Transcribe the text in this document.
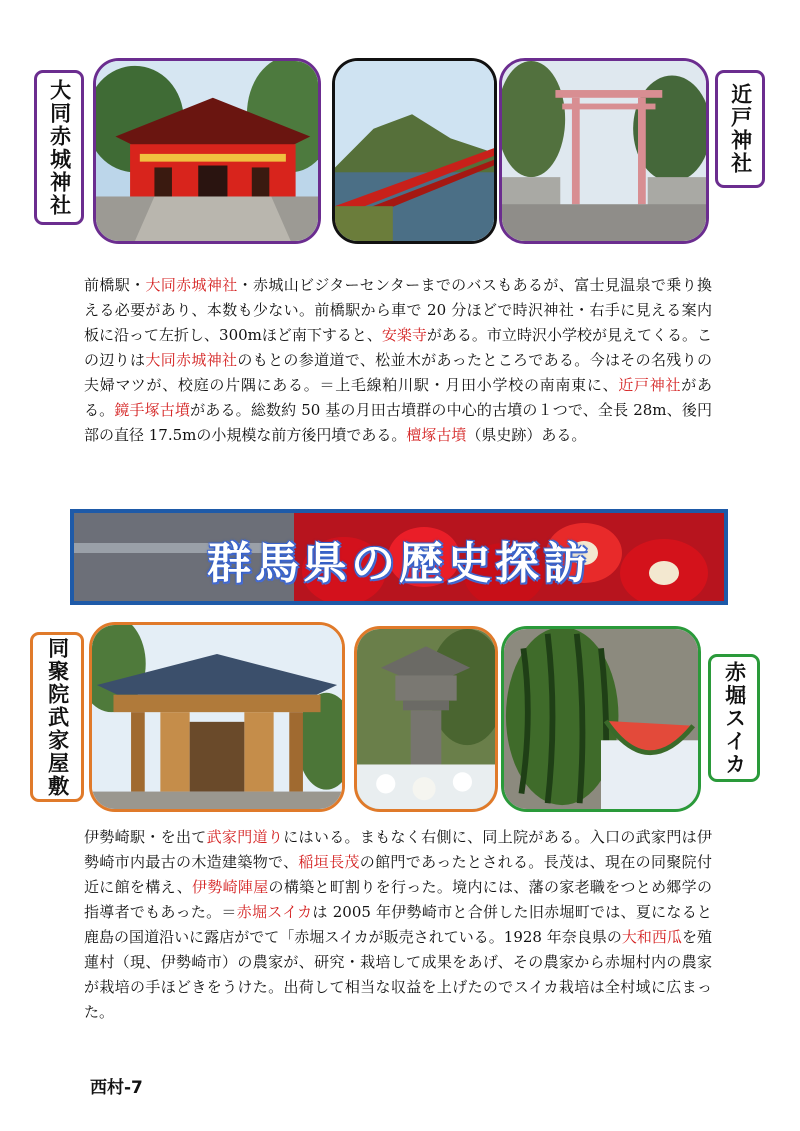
大同赤城神社	近戸神社
前橋駅・大同赤城神社・赤城山ビジターセンターまでのバスもあるが、富士見温泉で乗り換える必要があり、本数も少ない。前橋駅から車で 20 分ほどで時沢神社・右手に見える案内板に沿って左折し、300mほど南下すると、安楽寺がある。市立時沢小学校が見えてくる。この辺りは大同赤城神社のもとの参道道で、松並木があったところである。今はその名残りの夫婦マツが、校庭の片隅にある。＝上毛線粕川駅・月田小学校の南南東に、近戸神社がある。鏡手塚古墳がある。総数約 50 基の月田古墳群の中心的古墳の１つで、全長 28m、後円部の直径 17.5mの小規模な前方後円墳である。檀塚古墳（県史跡）ある。
群馬県の歴史探訪
同聚院武家屋敷	赤堀スイカ
伊勢崎駅・を出て武家門道りにはいる。まもなく右側に、同上院がある。入口の武家門は伊勢崎市内最古の木造建築物で、稲垣長茂の館門であったとされる。長茂は、現在の同聚院付近に館を構え、伊勢崎陣屋の構築と町割りを行った。境内には、藩の家老職をつとめ郷学の指導者でもあった。＝赤堀スイカは 2005 年伊勢崎市と合併した旧赤堀町では、夏になると鹿島の国道沿いに露店がでて「赤堀スイカが販売されている。1928 年奈良県の大和西瓜を殖蓮村（現、伊勢崎市）の農家が、研究・栽培して成果をあげ、その農家から赤堀村内の農家が栽培の手ほどきをうけた。出荷して相当な収益を上げたのでスイカ栽培は全村域に広まった。
西村-7
